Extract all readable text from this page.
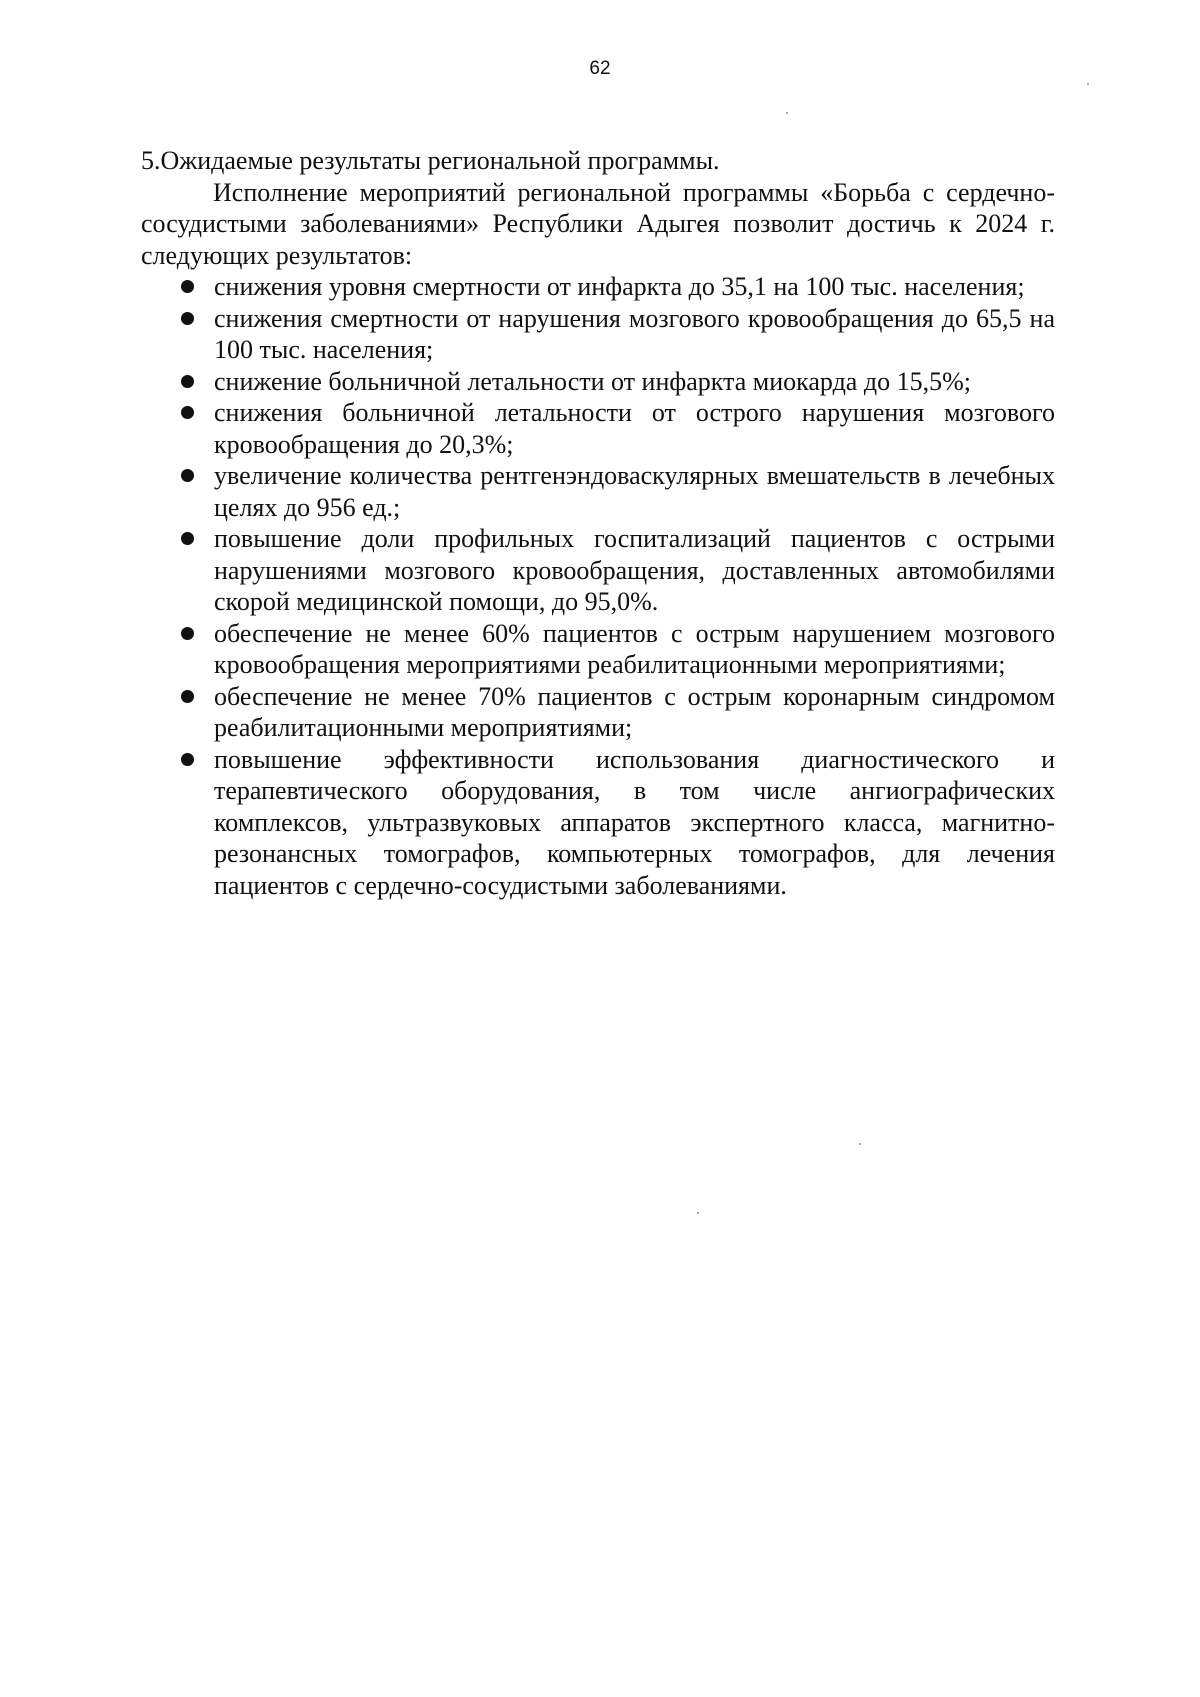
62
5.Ожидаемые результаты региональной программы.

Исполнение мероприятий региональной программы «Борьба с сердечно-сосудистыми заболеваниями» Республики Адыгея позволит достичь к 2024 г. следующих результатов:

снижения уровня смертности от инфаркта до 35,1 на 100 тыс. населения;
снижения смертности от нарушения мозгового кровообращения до 65,5 на 100 тыс. населения;
снижение больничной летальности от инфаркта миокарда до 15,5%;
снижения больничной летальности от острого нарушения мозгового кровообращения до 20,3%;
увеличение количества рентгенэндоваскулярных вмешательств в лечебных целях до 956 ед.;
повышение доли профильных госпитализаций пациентов с острыми нарушениями мозгового кровообращения, доставленных автомобилями скорой медицинской помощи, до 95,0%.
обеспечение не менее 60% пациентов с острым нарушением мозгового кровообращения мероприятиями реабилитационными мероприятиями;
обеспечение не менее 70% пациентов с острым коронарным синдромом реабилитационными мероприятиями;
повышение эффективности использования диагностического и терапевтического оборудования, в том числе ангиографических комплексов, ультразвуковых аппаратов экспертного класса, магнитно-резонансных томографов, компьютерных томографов, для лечения пациентов с сердечно-сосудистыми заболеваниями.
